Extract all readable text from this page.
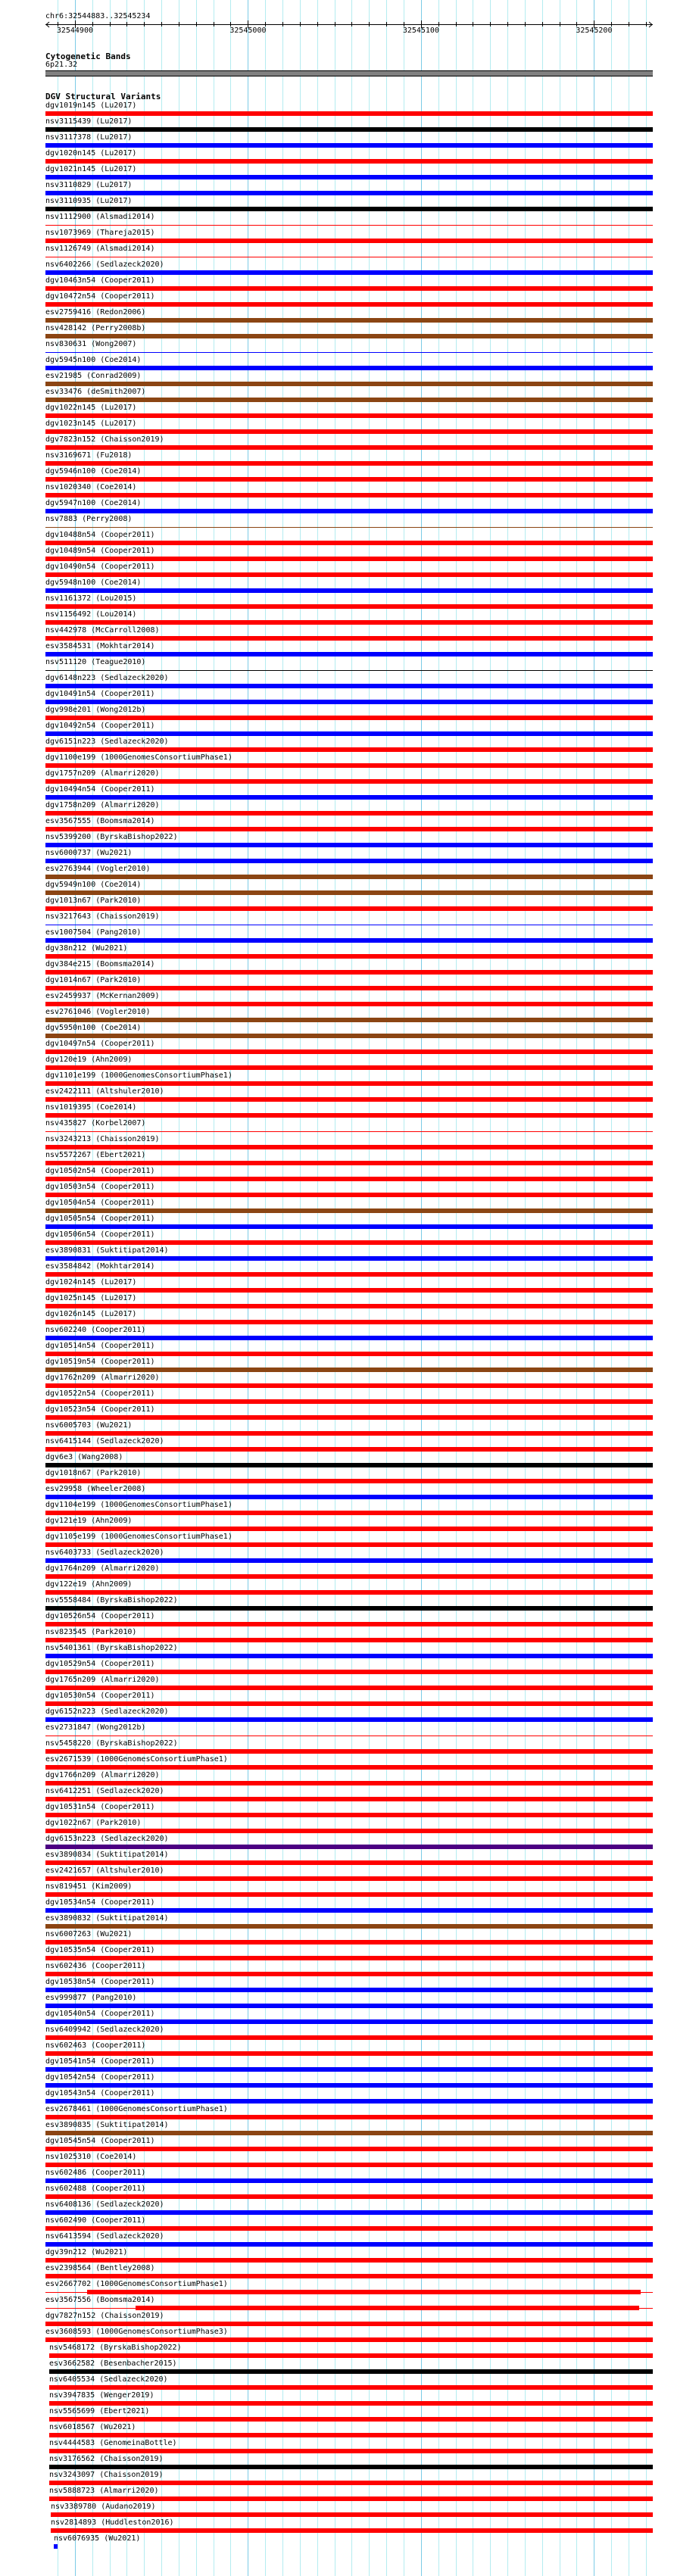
chr6:32544883..32545234
32544900	32545000	32545100	32545200
Cytogenetic Bands
6p21.32
DGV Structural Variants
dgv1019n145 (Lu2017)
nsv3115439 (Lu2017)
nsv3117378 (Lu2017)
dgv1020n145 (Lu2017)
dgv1021n145 (Lu2017)
nsv3110829 (Lu2017)
nsv3110935 (Lu2017)
nsv1112900 (Alsmadi2014)
nsv1073969 (Thareja2015)
nsv1126749 (Alsmadi2014)
nsv6402266 (Sedlazeck2020)
dgv10463n54 (Cooper2011)
dgv10472n54 (Cooper2011)
esv2759416 (Redon2006)
nsv428142 (Perry2008b)
nsv830631 (Wong2007)
dgv5945n100 (Coe2014)
esv21985 (Conrad2009)
esv33476 (deSmith2007)
dgv1022n145 (Lu2017)
dgv1023n145 (Lu2017)
dgv7823n152 (Chaisson2019)
nsv3169671 (Fu2018)
dgv5946n100 (Coe2014)
nsv1020340 (Coe2014)
dgv5947n100 (Coe2014)
nsv7883 (Perry2008)
dgv10488n54 (Cooper2011)
dgv10489n54 (Cooper2011)
dgv10490n54 (Cooper2011)
dgv5948n100 (Coe2014)
nsv1161372 (Lou2015)
nsv1156492 (Lou2014)
nsv442978 (McCarroll2008)
esv3584531 (Mokhtar2014)
nsv511120 (Teague2010)
dgv6148n223 (Sedlazeck2020)
dgv10491n54 (Cooper2011)
dgv998e201 (Wong2012b)
dgv10492n54 (Cooper2011)
dgv6151n223 (Sedlazeck2020)
dgv1100e199 (1000GenomesConsortiumPhase1)
dgv1757n209 (Almarri2020)
dgv10494n54 (Cooper2011)
dgv1758n209 (Almarri2020)
esv3567555 (Boomsma2014)
nsv5399200 (ByrskaBishop2022)
nsv6000737 (Wu2021)
esv2763944 (Vogler2010)
dgv5949n100 (Coe2014)
dgv1013n67 (Park2010)
nsv3217643 (Chaisson2019)
esv1007504 (Pang2010)
dgv38n212 (Wu2021)
dgv384e215 (Boomsma2014)
dgv1014n67 (Park2010)
esv2459937 (McKernan2009)
esv2761046 (Vogler2010)
dgv5950n100 (Coe2014)
dgv10497n54 (Cooper2011)
dgv120e19 (Ahn2009)
dgv1101e199 (1000GenomesConsortiumPhase1)
esv2422111 (Altshuler2010)
nsv1019395 (Coe2014)
nsv435827 (Korbel2007)
nsv3243213 (Chaisson2019)
nsv5572267 (Ebert2021)
dgv10502n54 (Cooper2011)
dgv10503n54 (Cooper2011)
dgv10504n54 (Cooper2011)
dgv10505n54 (Cooper2011)
dgv10506n54 (Cooper2011)
esv3890831 (Suktitipat2014)
esv3584842 (Mokhtar2014)
dgv1024n145 (Lu2017)
dgv1025n145 (Lu2017)
dgv1026n145 (Lu2017)
nsv602240 (Cooper2011)
dgv10514n54 (Cooper2011)
dgv10519n54 (Cooper2011)
dgv1762n209 (Almarri2020)
dgv10522n54 (Cooper2011)
dgv10523n54 (Cooper2011)
nsv6005703 (Wu2021)
nsv6415144 (Sedlazeck2020)
dgv6e3 (Wang2008)
dgv1018n67 (Park2010)
esv29958 (Wheeler2008)
dgv1104e199 (1000GenomesConsortiumPhase1)
dgv121e19 (Ahn2009)
dgv1105e199 (1000GenomesConsortiumPhase1)
nsv6403733 (Sedlazeck2020)
dgv1764n209 (Almarri2020)
dgv122e19 (Ahn2009)
nsv5558484 (ByrskaBishop2022)
dgv10526n54 (Cooper2011)
nsv823545 (Park2010)
nsv5401361 (ByrskaBishop2022)
dgv10529n54 (Cooper2011)
dgv1765n209 (Almarri2020)
dgv10530n54 (Cooper2011)
dgv6152n223 (Sedlazeck2020)
esv2731847 (Wong2012b)
nsv5458220 (ByrskaBishop2022)
esv2671539 (1000GenomesConsortiumPhase1)
dgv1766n209 (Almarri2020)
nsv6412251 (Sedlazeck2020)
dgv10531n54 (Cooper2011)
dgv1022n67 (Park2010)
dgv6153n223 (Sedlazeck2020)
esv3890834 (Suktitipat2014)
esv2421657 (Altshuler2010)
nsv819451 (Kim2009)
dgv10534n54 (Cooper2011)
esv3890832 (Suktitipat2014)
nsv6007263 (Wu2021)
dgv10535n54 (Cooper2011)
nsv602436 (Cooper2011)
dgv10538n54 (Cooper2011)
esv999877 (Pang2010)
dgv10540n54 (Cooper2011)
nsv6409942 (Sedlazeck2020)
nsv602463 (Cooper2011)
dgv10541n54 (Cooper2011)
dgv10542n54 (Cooper2011)
dgv10543n54 (Cooper2011)
esv2678461 (1000GenomesConsortiumPhase1)
esv3890835 (Suktitipat2014)
dgv10545n54 (Cooper2011)
nsv1025310 (Coe2014)
nsv602486 (Cooper2011)
nsv602488 (Cooper2011)
nsv6408136 (Sedlazeck2020)
nsv602490 (Cooper2011)
nsv6413594 (Sedlazeck2020)
dgv39n212 (Wu2021)
esv2398564 (Bentley2008)
esv2667702 (1000GenomesConsortiumPhase1)
esv3567556 (Boomsma2014)
dgv7827n152 (Chaisson2019)
esv3608593 (1000GenomesConsortiumPhase3)
nsv5468172 (ByrskaBishop2022)
esv3662582 (Besenbacher2015)
nsv6405534 (Sedlazeck2020)
nsv3947835 (Wenger2019)
nsv5565699 (Ebert2021)
nsv6018567 (Wu2021)
nsv4444583 (GenomeinaBottle)
nsv3176562 (Chaisson2019)
nsv3243097 (Chaisson2019)
nsv5888723 (Almarri2020)
nsv3389780 (Audano2019)
nsv2814893 (Huddleston2016)
nsv6076935 (Wu2021)
